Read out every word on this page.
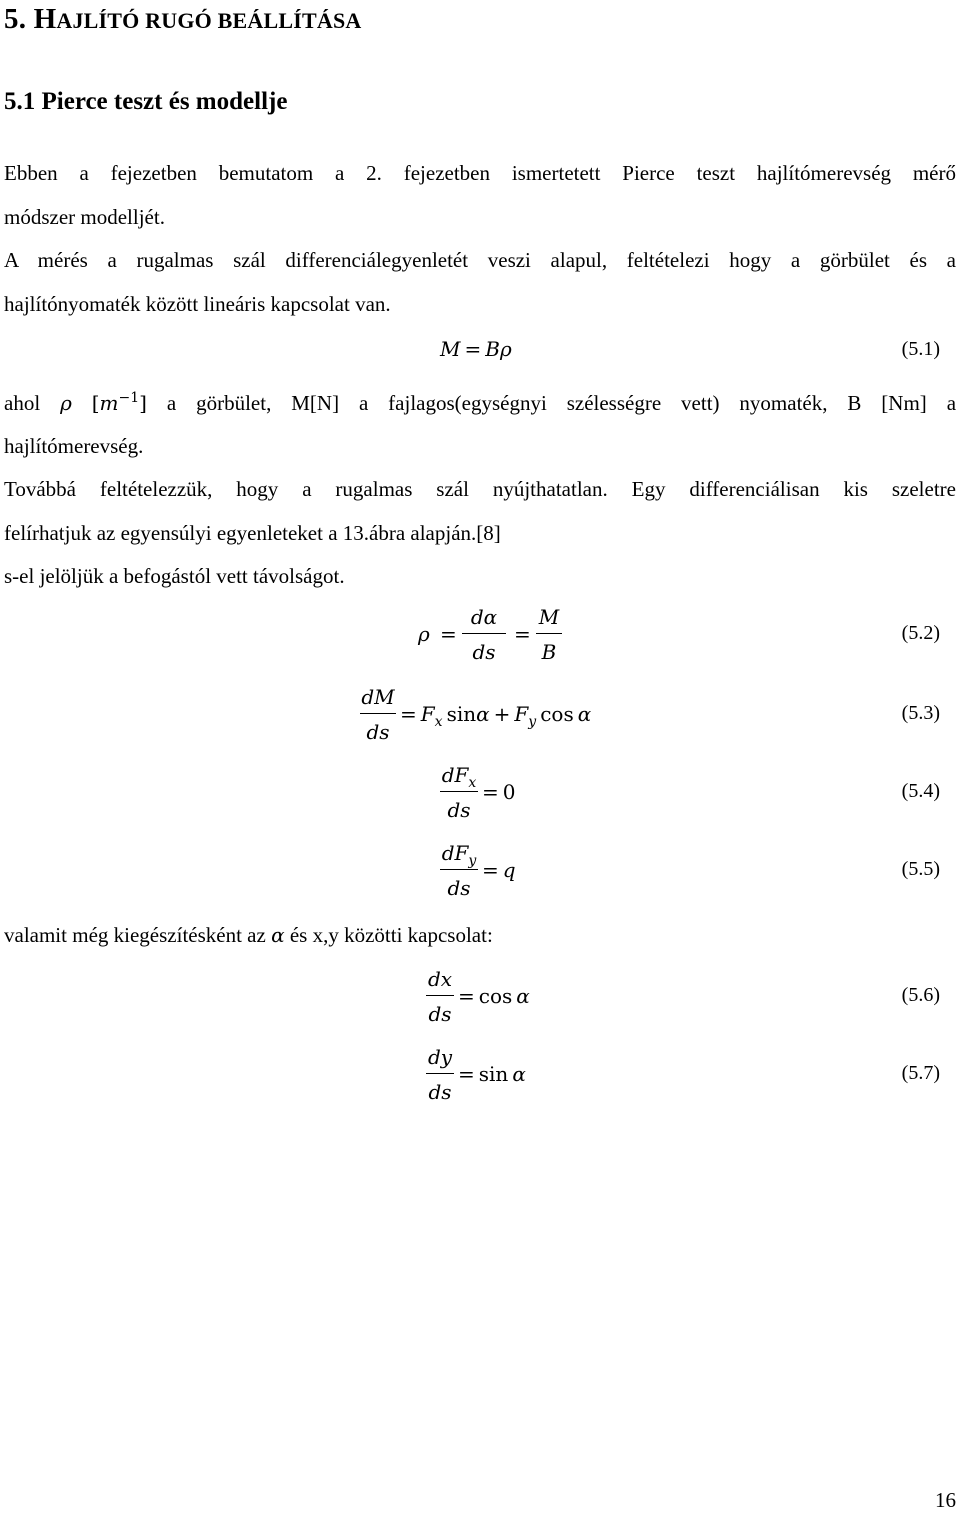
5. HAJLÍTÓ RUGÓ BEÁLLÍTÁSA
5.1 Pierce teszt és modellje
Ebben a fejezetben bemutatom a 2. fejezetben ismertetett Pierce teszt hajlítómerevség mérő
módszer modelljét.
A mérés a rugalmas szál differenciálegyenletét veszi alapul, feltételezi hogy a görbület és a
hajlítónyomaték között lineáris kapcsolat van.
M = Bρ	(5.1)
ahol ρ $[m^{-1}]$ a görbület, M[N] a fajlagos(egységnyi szélességre vett) nyomaték, B [Nm] a
hajlítómerevség.
Továbbá feltételezzük, hogy a rugalmas szál nyújthatatlan. Egy differenciálisan kis szeletre
felírhatjuk az egyensúlyi egyenleteket a 13.ábra alapján.[8]
s-el jelöljük a befogástól vett távolságot.
ρ =
dα
ds
=
M
B
(5.2)
dM
ds
= Fx sinα + Fy cos α	(5.3)
$dF_x$
ds
= 0	(5.4)
$dF_y$
ds
= q	(5.5)
valamit még kiegészítésként az α és x,y közötti kapcsolat:
dx
ds
= cos α	(5.6)
dy
ds
= sin α	(5.7)
16
